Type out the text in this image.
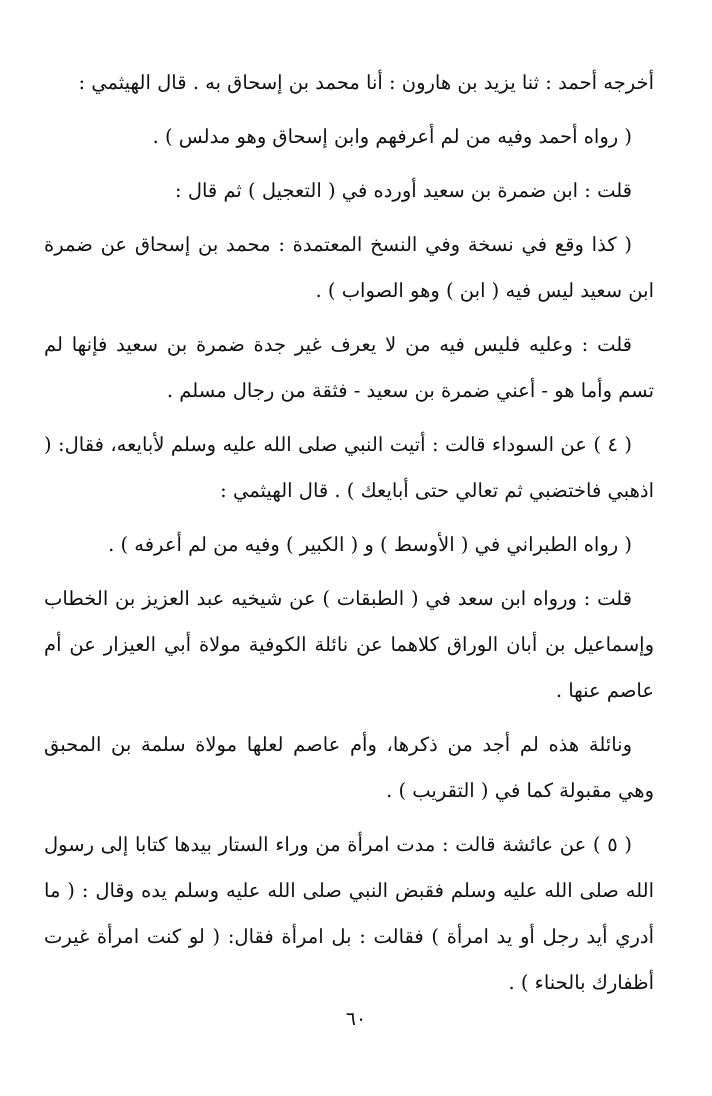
أخرجه أحمد : ثنا يزيد بن هارون : أنا محمد بن إسحاق به . قال الهيثمي :

( رواه أحمد وفيه من لم أعرفهم وابن إسحاق وهو مدلس ) .

قلت : ابن ضمرة بن سعيد أورده في ( التعجيل ) ثم قال :

( كذا وقع في نسخة وفي النسخ المعتمدة : محمد بن إسحاق عن ضمرة ابن سعيد ليس فيه ( ابن ) وهو الصواب ) .

قلت : وعليه فليس فيه من لا يعرف غير جدة ضمرة بن سعيد فإنها لم تسم وأما هو - أعني ضمرة بن سعيد - فثقة من رجال مسلم .

( ٤ ) عن السوداء قالت : أتيت النبي صلى الله عليه وسلم لأبايعه، فقال: ( اذهبي فاختضبي ثم تعالي حتى أبايعك ) . قال الهيثمي :

( رواه الطبراني في ( الأوسط ) و ( الكبير ) وفيه من لم أعرفه ) .

قلت : ورواه ابن سعد في ( الطبقات ) عن شيخيه عبد العزيز بن الخطاب وإسماعيل بن أبان الوراق كلاهما عن نائلة الكوفية مولاة أبي العيزار عن أم عاصم عنها .

ونائلة هذه لم أجد من ذكرها، وأم عاصم لعلها مولاة سلمة بن المحبق وهي مقبولة كما في ( التقريب ) .

( ٥ ) عن عائشة قالت : مدت امرأة من وراء الستار بيدها كتابا إلى رسول الله صلى الله عليه وسلم فقبض النبي صلى الله عليه وسلم يده وقال : ( ما أدري أيد رجل أو يد امرأة ) فقالت : بل امرأة فقال: ( لو كنت امرأة غيرت أظفارك بالحناء ) .

٦٠
